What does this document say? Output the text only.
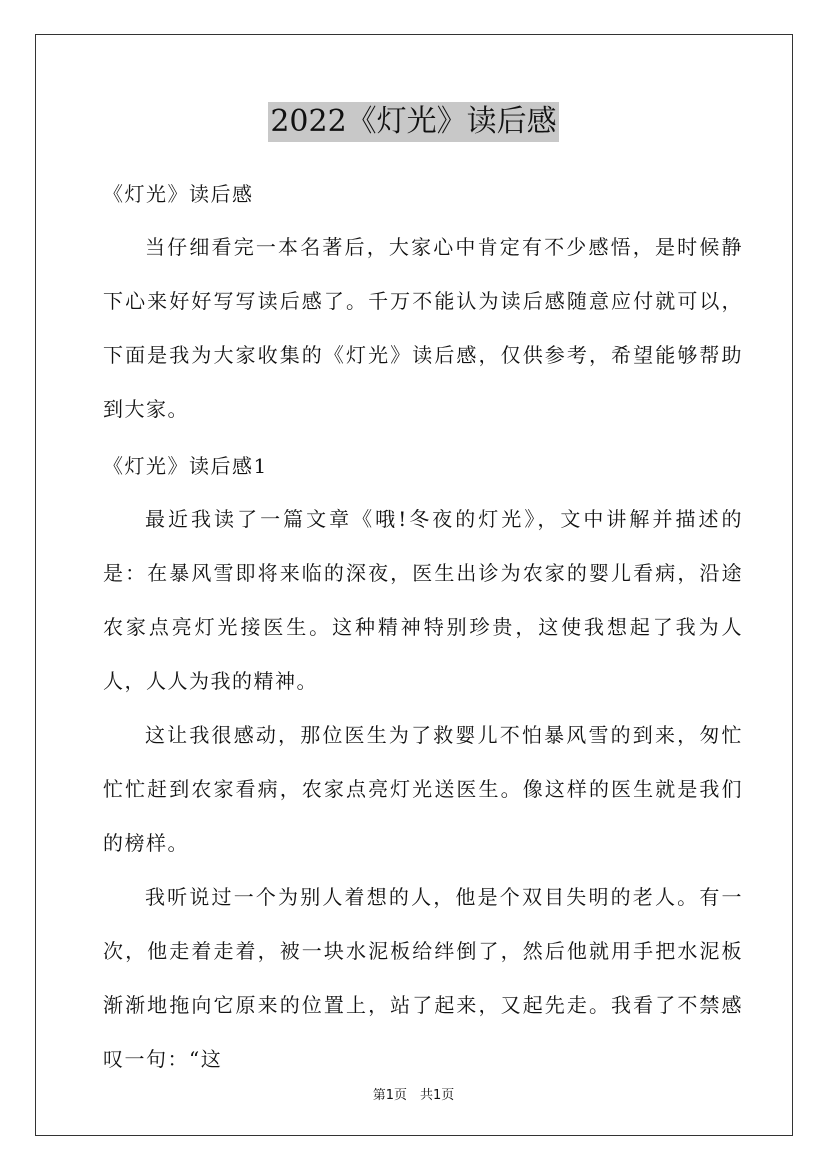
2022《灯光》读后感
《灯光》读后感

当仔细看完一本名著后，大家心中肯定有不少感悟，是时候静下心来好好写写读后感了。千万不能认为读后感随意应付就可以，下面是我为大家收集的《灯光》读后感，仅供参考，希望能够帮助到大家。

《灯光》读后感1

最近我读了一篇文章《哦!冬夜的灯光》，文中讲解并描述的是：在暴风雪即将来临的深夜，医生出诊为农家的婴儿看病，沿途农家点亮灯光接医生。这种精神特别珍贵，这使我想起了我为人人，人人为我的精神。

这让我很感动，那位医生为了救婴儿不怕暴风雪的到来，匆忙忙忙赶到农家看病，农家点亮灯光送医生。像这样的医生就是我们的榜样。

我听说过一个为别人着想的人，他是个双目失明的老人。有一次，他走着走着，被一块水泥板给绊倒了，然后他就用手把水泥板渐渐地拖向它原来的位置上，站了起来，又起先走。我看了不禁感叹一句：“这

第1页　共1页
